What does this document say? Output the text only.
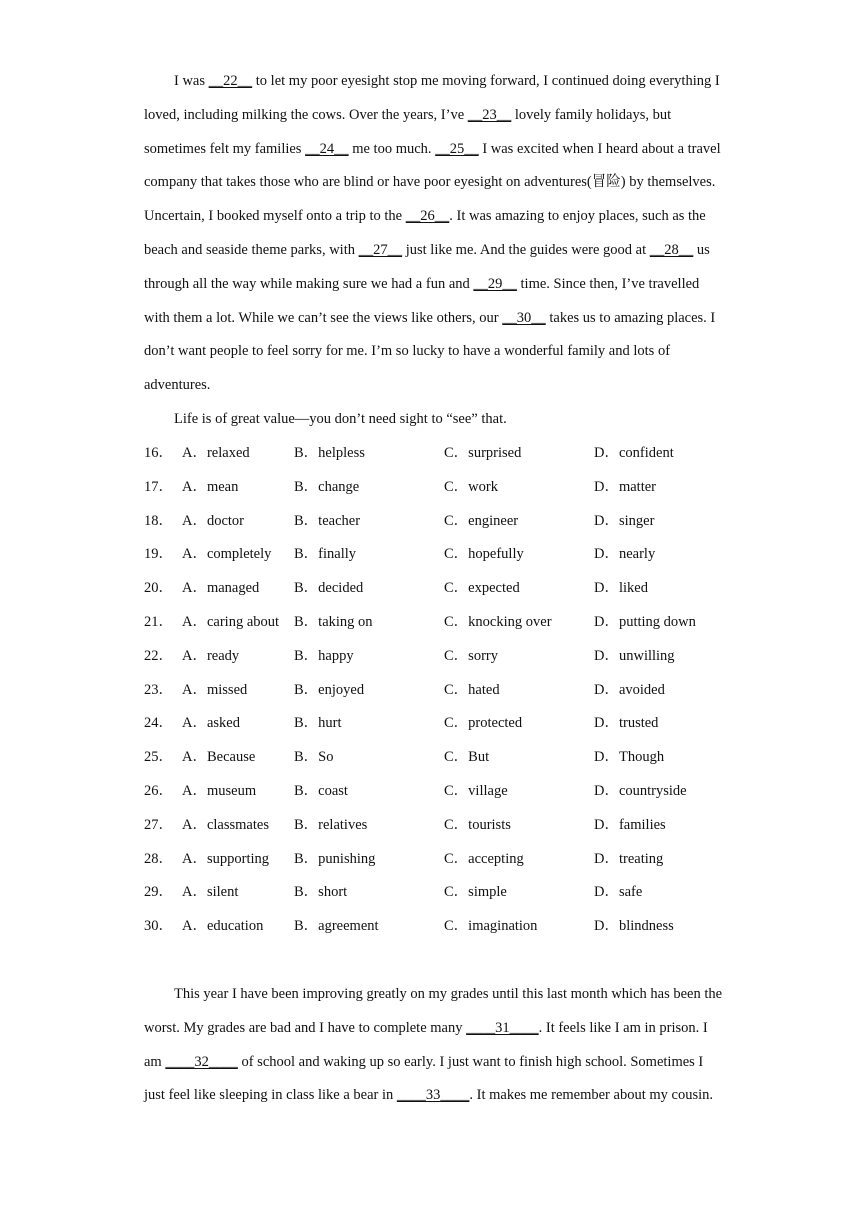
I was __22__ to let my poor eyesight stop me moving forward, I continued doing everything I loved, including milking the cows. Over the years, I’ve __23__ lovely family holidays, but sometimes felt my families __24__ me too much. __25__ I was excited when I heard about a travel company that takes those who are blind or have poor eyesight on adventures(冒险) by themselves. Uncertain, I booked myself onto a trip to the __26__. It was amazing to enjoy places, such as the beach and seaside theme parks, with __27__ just like me. And the guides were good at __28__ us through all the way while making sure we had a fun and __29__ time. Since then, I’ve travelled with them a lot. While we can’t see the views like others, our __30__ takes us to amazing places. I don’t want people to feel sorry for me. I’m so lucky to have a wonderful family and lots of adventures.

Life is of great value—you don’t need sight to “see” that.

16． A．relaxed	B．helpless	C．surprised	D．confident
17． A．mean	B．change	C．work	D．matter
18． A．doctor	B．teacher	C．engineer	D．singer
19． A．completely B．finally	C．hopefully	D．nearly
20． A．managed B．decided	C．expected	D．liked
21． A．caring about B．taking on	C．knocking over	D．putting down
22． A．ready	B．happy	C．sorry	D．unwilling
23． A．missed	B．enjoyed	C．hated	D．avoided
24． A．asked	B．hurt	C．protected	D．trusted
25． A．Because	B．So	C．But	D．Though
26． A．museum	B．coast	C．village	D．countryside
27． A．classmates B．relatives	C．tourists	D．families
28． A．supporting B．punishing	C．accepting	D．treating
29． A．silent	B．short	C．simple	D．safe
30． A．education B．agreement	C．imagination	D．blindness

This year I have been improving greatly on my grades until this last month which has been the worst. My grades are bad and I have to complete many ____31____. It feels like I am in prison. I am ____32____ of school and waking up so early. I just want to finish high school. Sometimes I just feel like sleeping in class like a bear in ____33____. It makes me remember about my cousin.
